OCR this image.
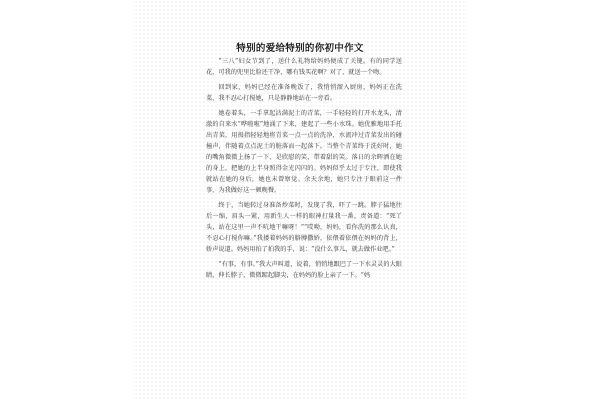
特别的爱给特别的你初中作文

“三八”妇女节到了，送什么礼物给妈妈便成了关键。有的同学送花，可我的兜里比脸还干净，哪有钱买花啊？对了，就送一个吻。

回到家，妈妈已经在准备晚饭了，我悄悄溜入厨房，妈妈正在洗菜，我不忍心打搅她，只是静静地站在一旁看。

她卷着头，一手拿起沾满泥土的青菜，一手轻轻的打开水龙头，清澈的自来水“哗啦啦”地涌了下来，建起了一些小水珠。她优雅地用手托出青菜，用拇指轻轻地将青菜一点一点的洗净，水流冲过青菜发出的碰撞声，伴随着点点泥土的脏落而一起落下。当整个青菜终于洗好时，她的嘴角微微上扬了一下，是欣慰的笑，带着甜的笑。落日的余晖洒在她的身上，把她的上半身照得金光闪闪的。妈妈似乎太过于专注，即使我就站在她的身后，她也未曾察觉。余天余地，她只专注于眼前这一件事，为我做好这一顿晚餐。

终于，当她转过身准备炒菜时，发现了我，吓了一跳。脖子猛地往后一缩，眉头一紧，用新生人一样的眼神打量我一番，责备道：“死丫头，站在这里一声不吭地干嘛呀！”“哎呦，妈妈，看你洗的那么认真，不忍心打搅你嘛。”我搂着妈妈的胳膊撒娇，依偎着依偎在妈妈的背上，娇声说道。妈妈用拍了拍我的手，说：“没什么事儿，就去做作业吧。”

“有事，有事。”我大声叫道，说着，悄悄地跟巴了一下水灵灵的大眼睛，伸长脖子，微微踮起脚尖，在妈妈的脸上亲了一下。“妈
